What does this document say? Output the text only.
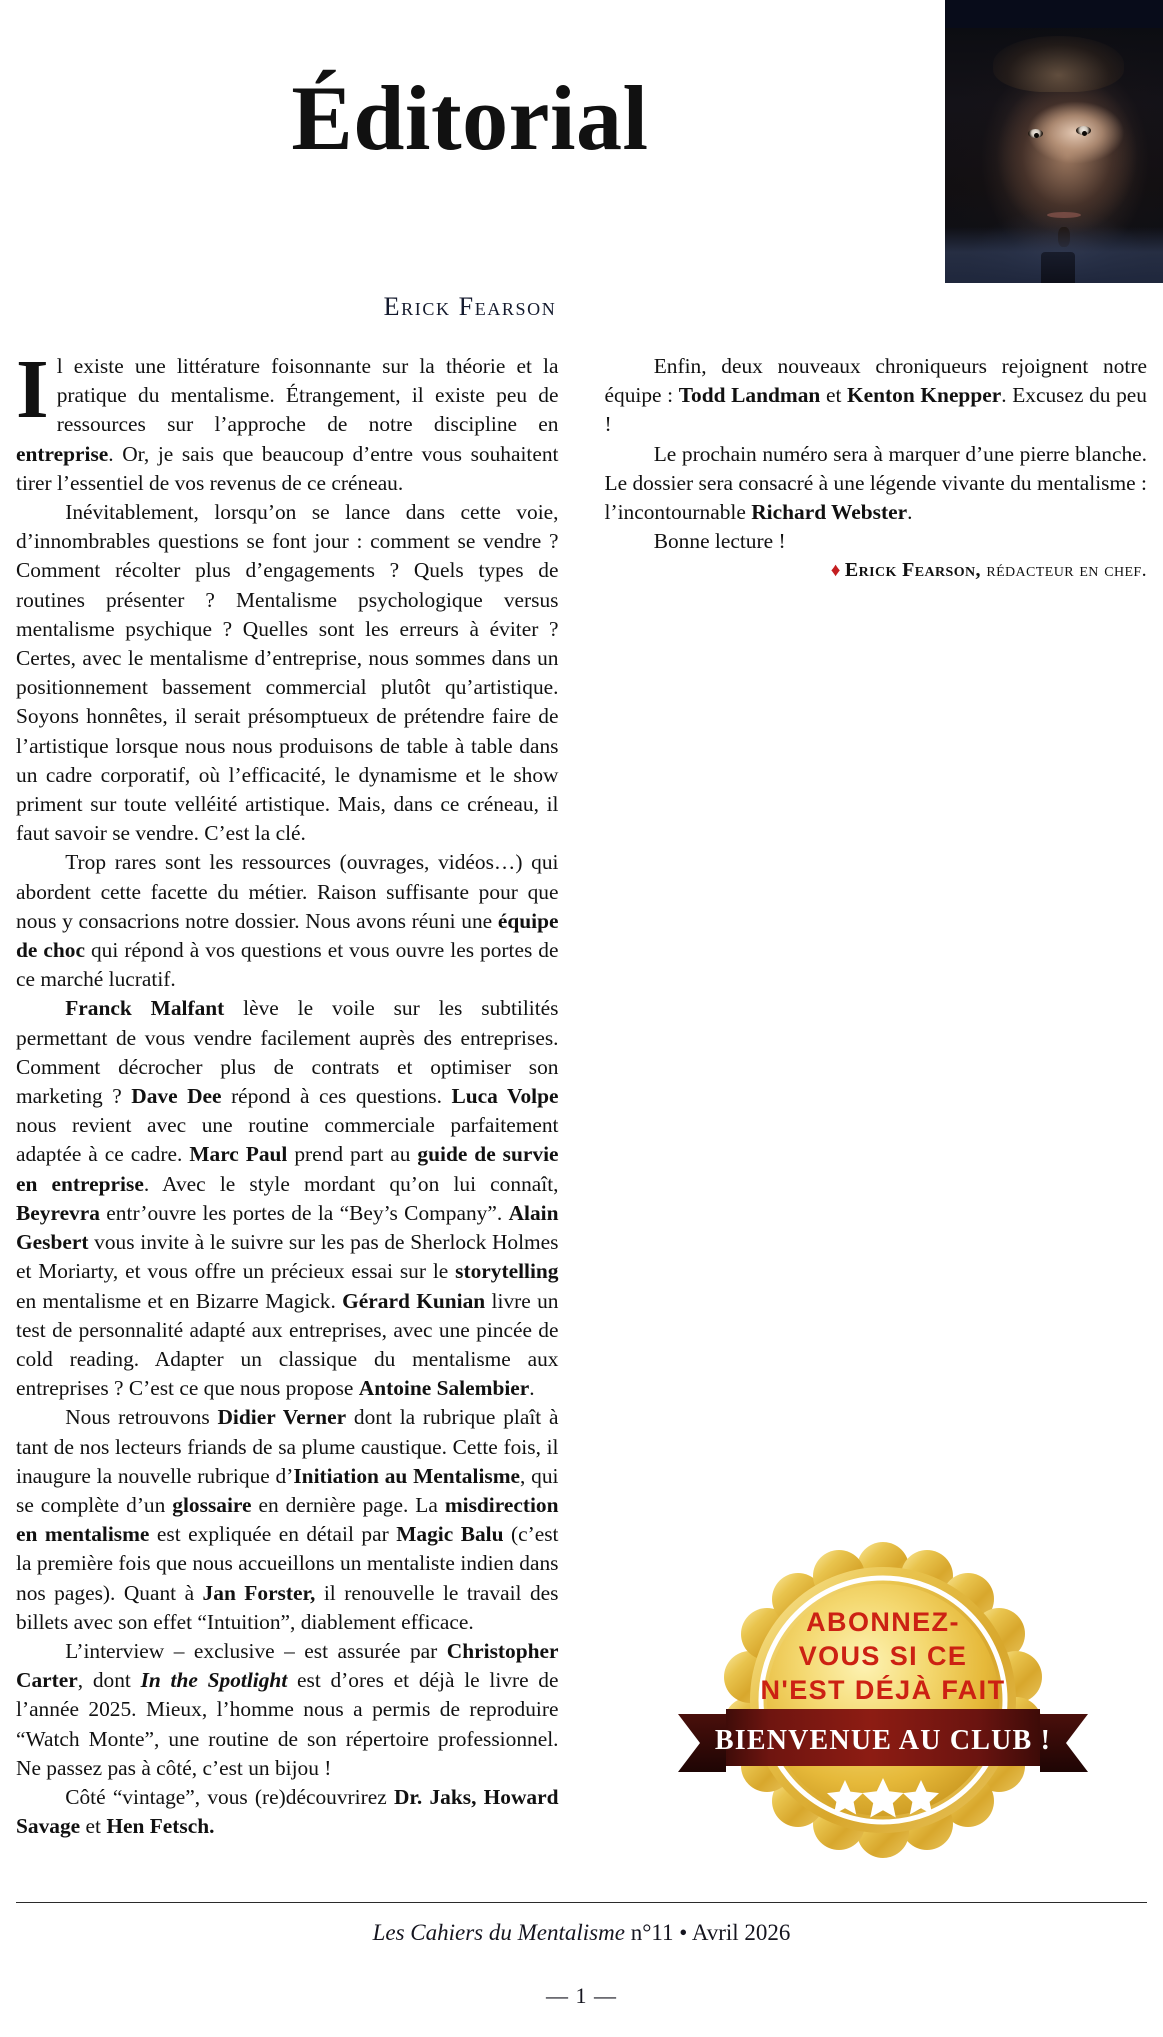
Éditorial
Erick Fearson

Il existe une littérature foisonnante sur la théorie et la pratique du mentalisme. Étrangement, il existe peu de ressources sur l’approche de notre discipline en entreprise. Or, je sais que beaucoup d’entre vous souhaitent tirer l’essentiel de vos revenus de ce créneau.

Inévitablement, lorsqu’on se lance dans cette voie, d’innombrables questions se font jour : comment se vendre ? Comment récolter plus d’engagements ? Quels types de routines présenter ? Mentalisme psychologique versus mentalisme psychique ? Quelles sont les erreurs à éviter ? Certes, avec le mentalisme d’entreprise, nous sommes dans un positionnement bassement commercial plutôt qu’artistique. Soyons honnêtes, il serait présomptueux de prétendre faire de l’artistique lorsque nous nous produisons de table à table dans un cadre corporatif, où l’efficacité, le dynamisme et le show priment sur toute velléité artistique. Mais, dans ce créneau, il faut savoir se vendre. C’est la clé.

Trop rares sont les ressources (ouvrages, vidéos…) qui abordent cette facette du métier. Raison suffisante pour que nous y consacrions notre dossier. Nous avons réuni une équipe de choc qui répond à vos questions et vous ouvre les portes de ce marché lucratif.

Franck Malfant lève le voile sur les subtilités permettant de vous vendre facilement auprès des entreprises. Comment décrocher plus de contrats et optimiser son marketing ? Dave Dee répond à ces questions. Luca Volpe nous revient avec une routine commerciale parfaitement adaptée à ce cadre. Marc Paul prend part au guide de survie en entreprise. Avec le style mordant qu’on lui connaît, Beyrevra entr’ouvre les portes de la “Bey’s Company”. Alain Gesbert vous invite à le suivre sur les pas de Sherlock Holmes et Moriarty, et vous offre un précieux essai sur le storytelling en mentalisme et en Bizarre Magick. Gérard Kunian livre un test de personnalité adapté aux entreprises, avec une pincée de cold reading. Adapter un classique du mentalisme aux entreprises ? C’est ce que nous propose Antoine Salembier.

Nous retrouvons Didier Verner dont la rubrique plaît à tant de nos lecteurs friands de sa plume caustique. Cette fois, il inaugure la nouvelle rubrique d’Initiation au Mentalisme, qui se complète d’un glossaire en dernière page. La misdirection en mentalisme est expliquée en détail par Magic Balu (c’est la première fois que nous accueillons un mentaliste indien dans nos pages). Quant à Jan Forster, il renouvelle le travail des billets avec son effet “Intuition”, diablement efficace.

L’interview – exclusive – est assurée par Christopher Carter, dont In the Spotlight est d’ores et déjà le livre de l’année 2025. Mieux, l’homme nous a permis de reproduire “Watch Monte”, une routine de son répertoire professionnel. Ne passez pas à côté, c’est un bijou !

Côté “vintage”, vous (re)découvrirez Dr. Jaks, Howard Savage et Hen Fetsch.

Enfin, deux nouveaux chroniqueurs rejoignent notre équipe : Todd Landman et Kenton Knepper. Excusez du peu !

Le prochain numéro sera à marquer d’une pierre blanche. Le dossier sera consacré à une légende vivante du mentalisme : l’incontournable Richard Webster.

Bonne lecture !

♦ Erick Fearson, rédacteur en chef.

ABONNEZ-
VOUS SI CE
N'EST DÉJÀ FAIT
BIENVENUE AU CLUB !
Les Cahiers du Mentalisme n°11 • Avril 2026
— 1 —
